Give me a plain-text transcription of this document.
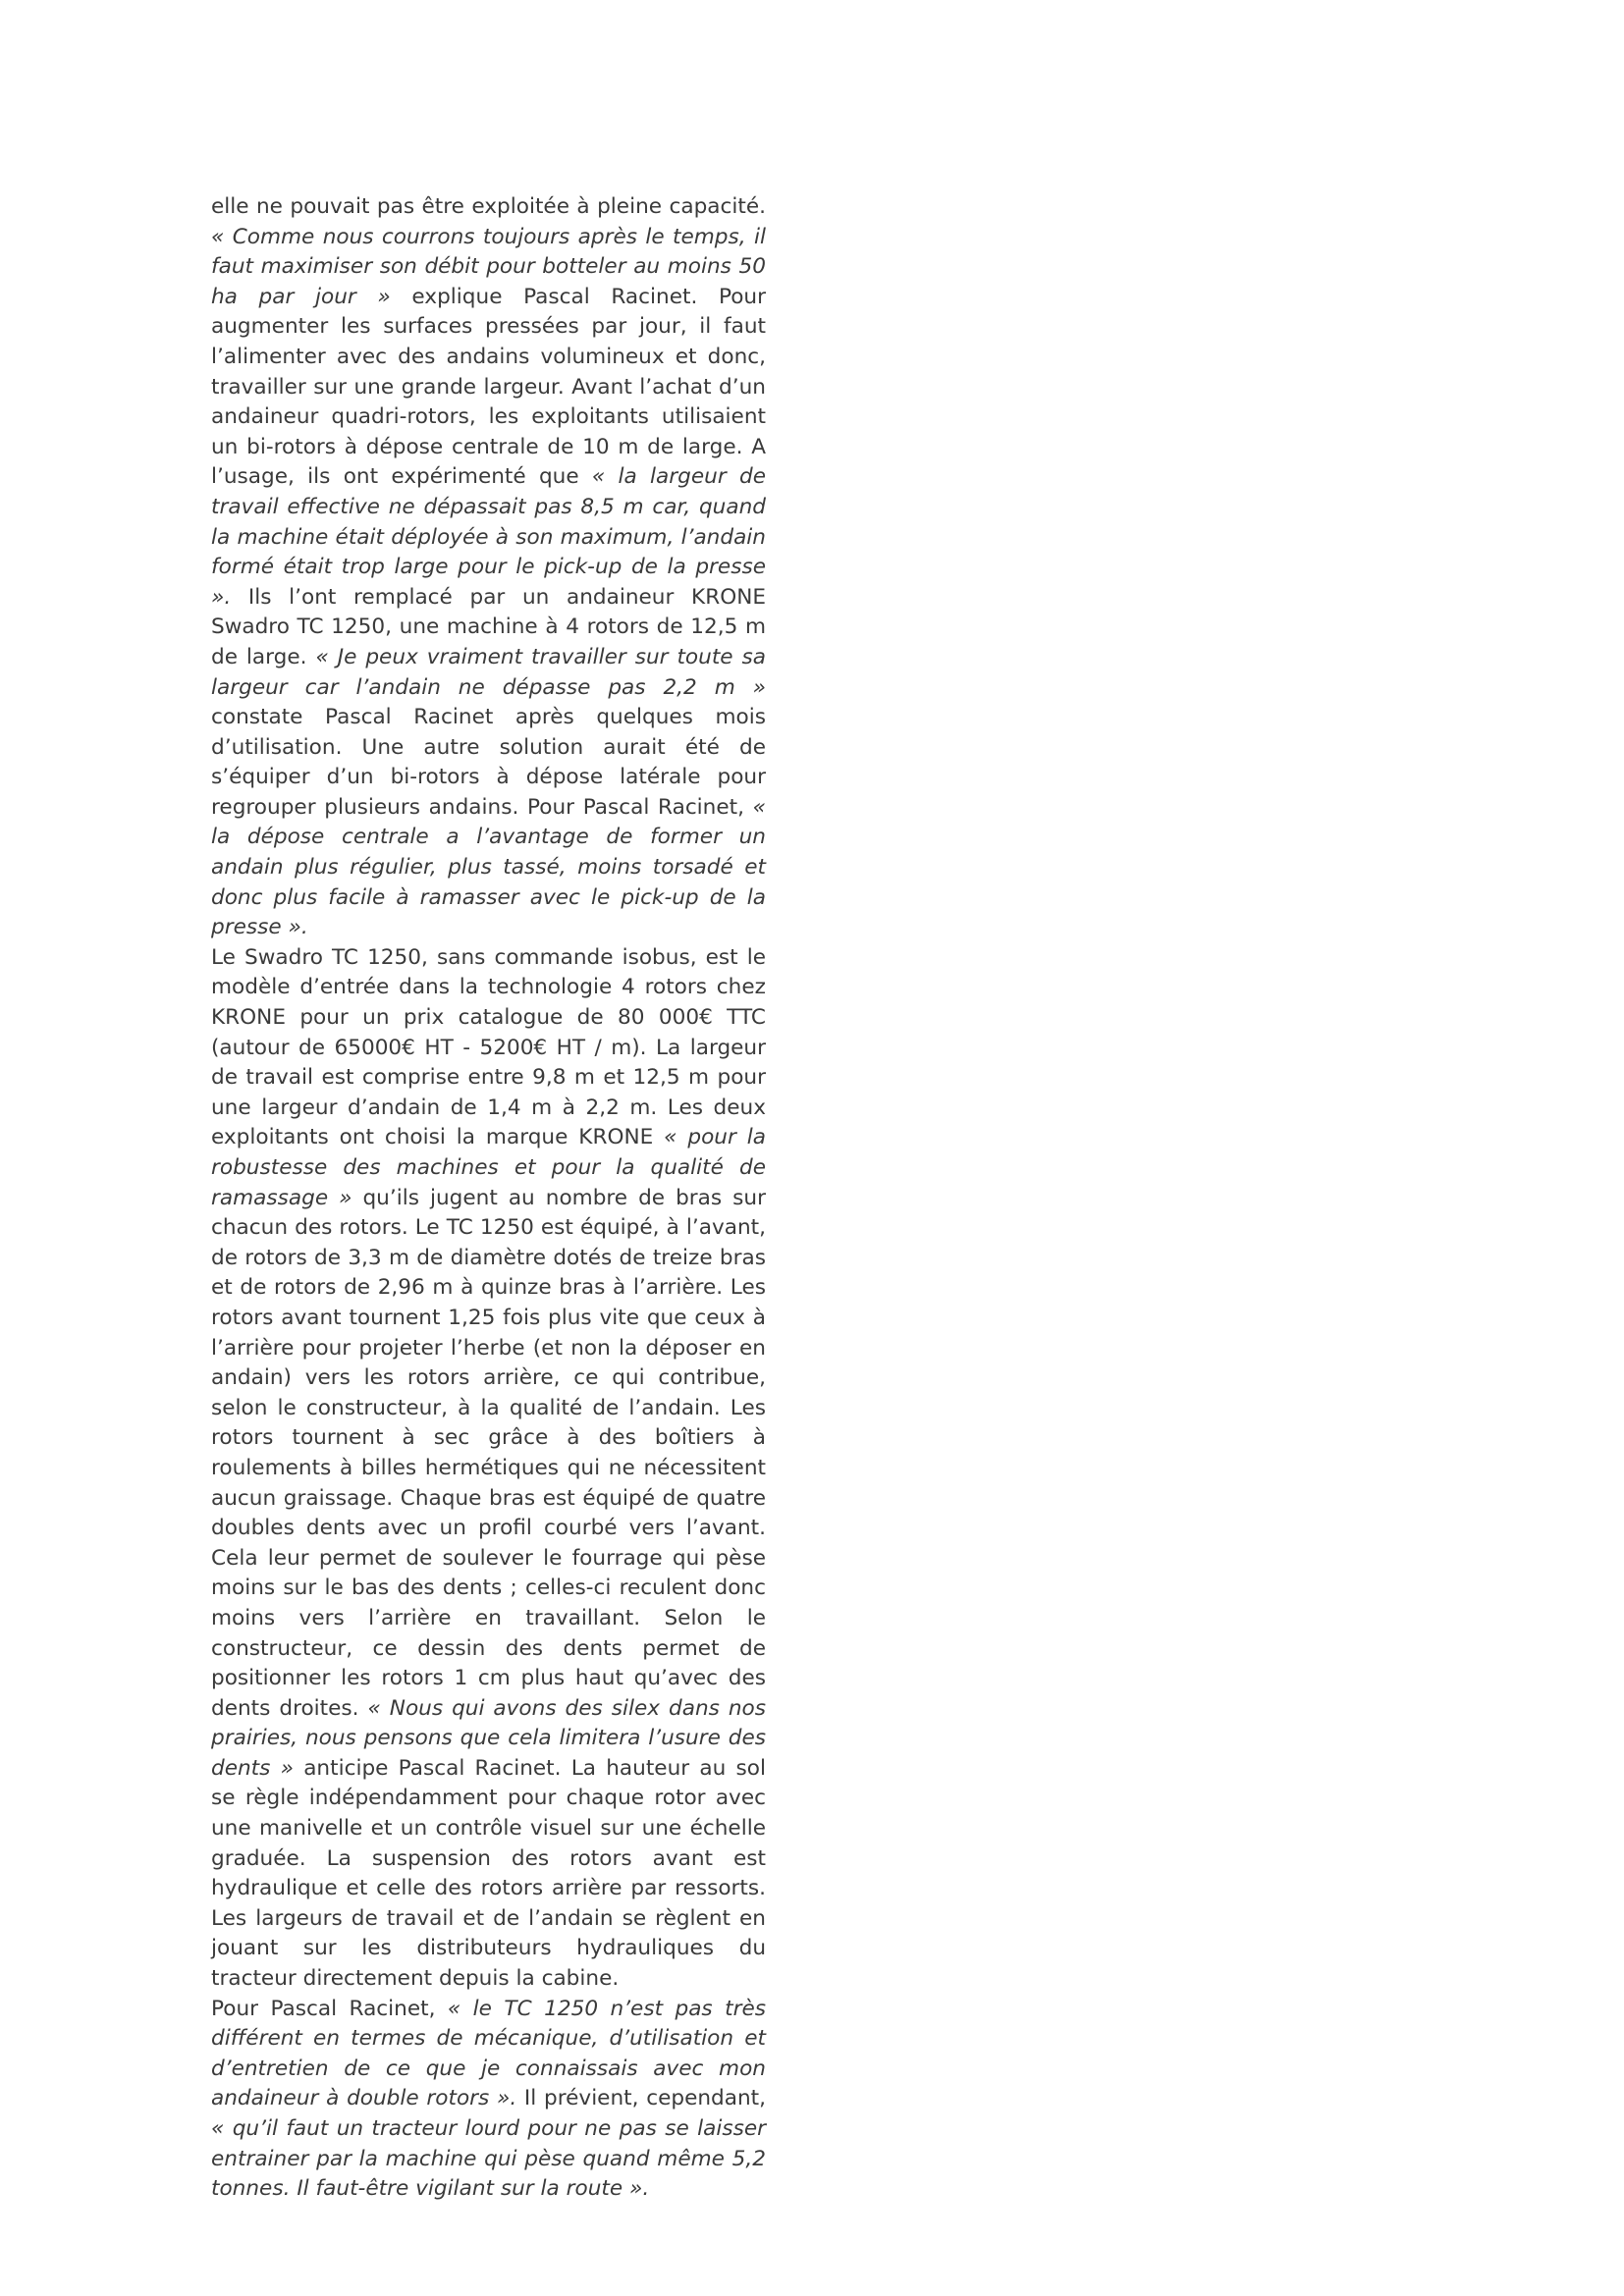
elle ne pouvait pas être exploitée à pleine capacité. « Comme nous courrons toujours après le temps, il faut maximiser son débit pour botteler au moins 50 ha par jour » explique Pascal Racinet. Pour augmenter les surfaces pressées par jour, il faut l’alimenter avec des andains volumineux et donc, travailler sur une grande largeur. Avant l’achat d’un andaineur quadri-rotors, les exploitants utilisaient un bi-rotors à dépose centrale de 10 m de large. A l’usage, ils ont expérimenté que « la largeur de travail effective ne dépassait pas 8,5 m car, quand la machine était déployée à son maximum, l’andain formé était trop large pour le pick-up de la presse ». Ils l’ont remplacé par un andaineur KRONE Swadro TC 1250, une machine à 4 rotors de 12,5 m de large. « Je peux vraiment travailler sur toute sa largeur car l’andain ne dépasse pas 2,2 m » constate Pascal Racinet après quelques mois d’utilisation. Une autre solution aurait été de s’équiper d’un bi-rotors à dépose latérale pour regrouper plusieurs andains. Pour Pascal Racinet, « la dépose centrale a l’avantage de former un andain plus régulier, plus tassé, moins torsadé et donc plus facile à ramasser avec le pick-up de la presse ».

Le Swadro TC 1250, sans commande isobus, est le modèle d’entrée dans la technologie 4 rotors chez KRONE pour un prix catalogue de 80 000€ TTC (autour de 65000€ HT - 5200€ HT / m). La largeur de travail est comprise entre 9,8 m et 12,5 m pour une largeur d’andain de 1,4 m à 2,2 m. Les deux exploitants ont choisi la marque KRONE « pour la robustesse des machines et pour la qualité de ramassage » qu’ils jugent au nombre de bras sur chacun des rotors. Le TC 1250 est équipé, à l’avant, de rotors de 3,3 m de diamètre dotés de treize bras et de rotors de 2,96 m à quinze bras à l’arrière. Les rotors avant tournent 1,25 fois plus vite que ceux à l’arrière pour projeter l’herbe (et non la déposer en andain) vers les rotors arrière, ce qui contribue, selon le constructeur, à la qualité de l’andain. Les rotors tournent à sec grâce à des boîtiers à roulements à billes hermétiques qui ne nécessitent aucun graissage. Chaque bras est équipé de quatre doubles dents avec un profil courbé vers l’avant. Cela leur permet de soulever le fourrage qui pèse moins sur le bas des dents ; celles-ci reculent donc moins vers l’arrière en travaillant. Selon le constructeur, ce dessin des dents permet de positionner les rotors 1 cm plus haut qu’avec des dents droites. « Nous qui avons des silex dans nos prairies, nous pensons que cela limitera l’usure des dents » anticipe Pascal Racinet. La hauteur au sol se règle indépendamment pour chaque rotor avec une manivelle et un contrôle visuel sur une échelle graduée. La suspension des rotors avant est hydraulique et celle des rotors arrière par ressorts. Les largeurs de travail et de l’andain se règlent en jouant sur les distributeurs hydrauliques du tracteur directement depuis la cabine.

Pour Pascal Racinet, « le TC 1250 n’est pas très différent en termes de mécanique, d’utilisation et d’entretien de ce que je connaissais avec mon andaineur à double rotors ». Il prévient, cependant, « qu’il faut un tracteur lourd pour ne pas se laisser entrainer par la machine qui pèse quand même 5,2 tonnes. Il faut-être vigilant sur la route ».
